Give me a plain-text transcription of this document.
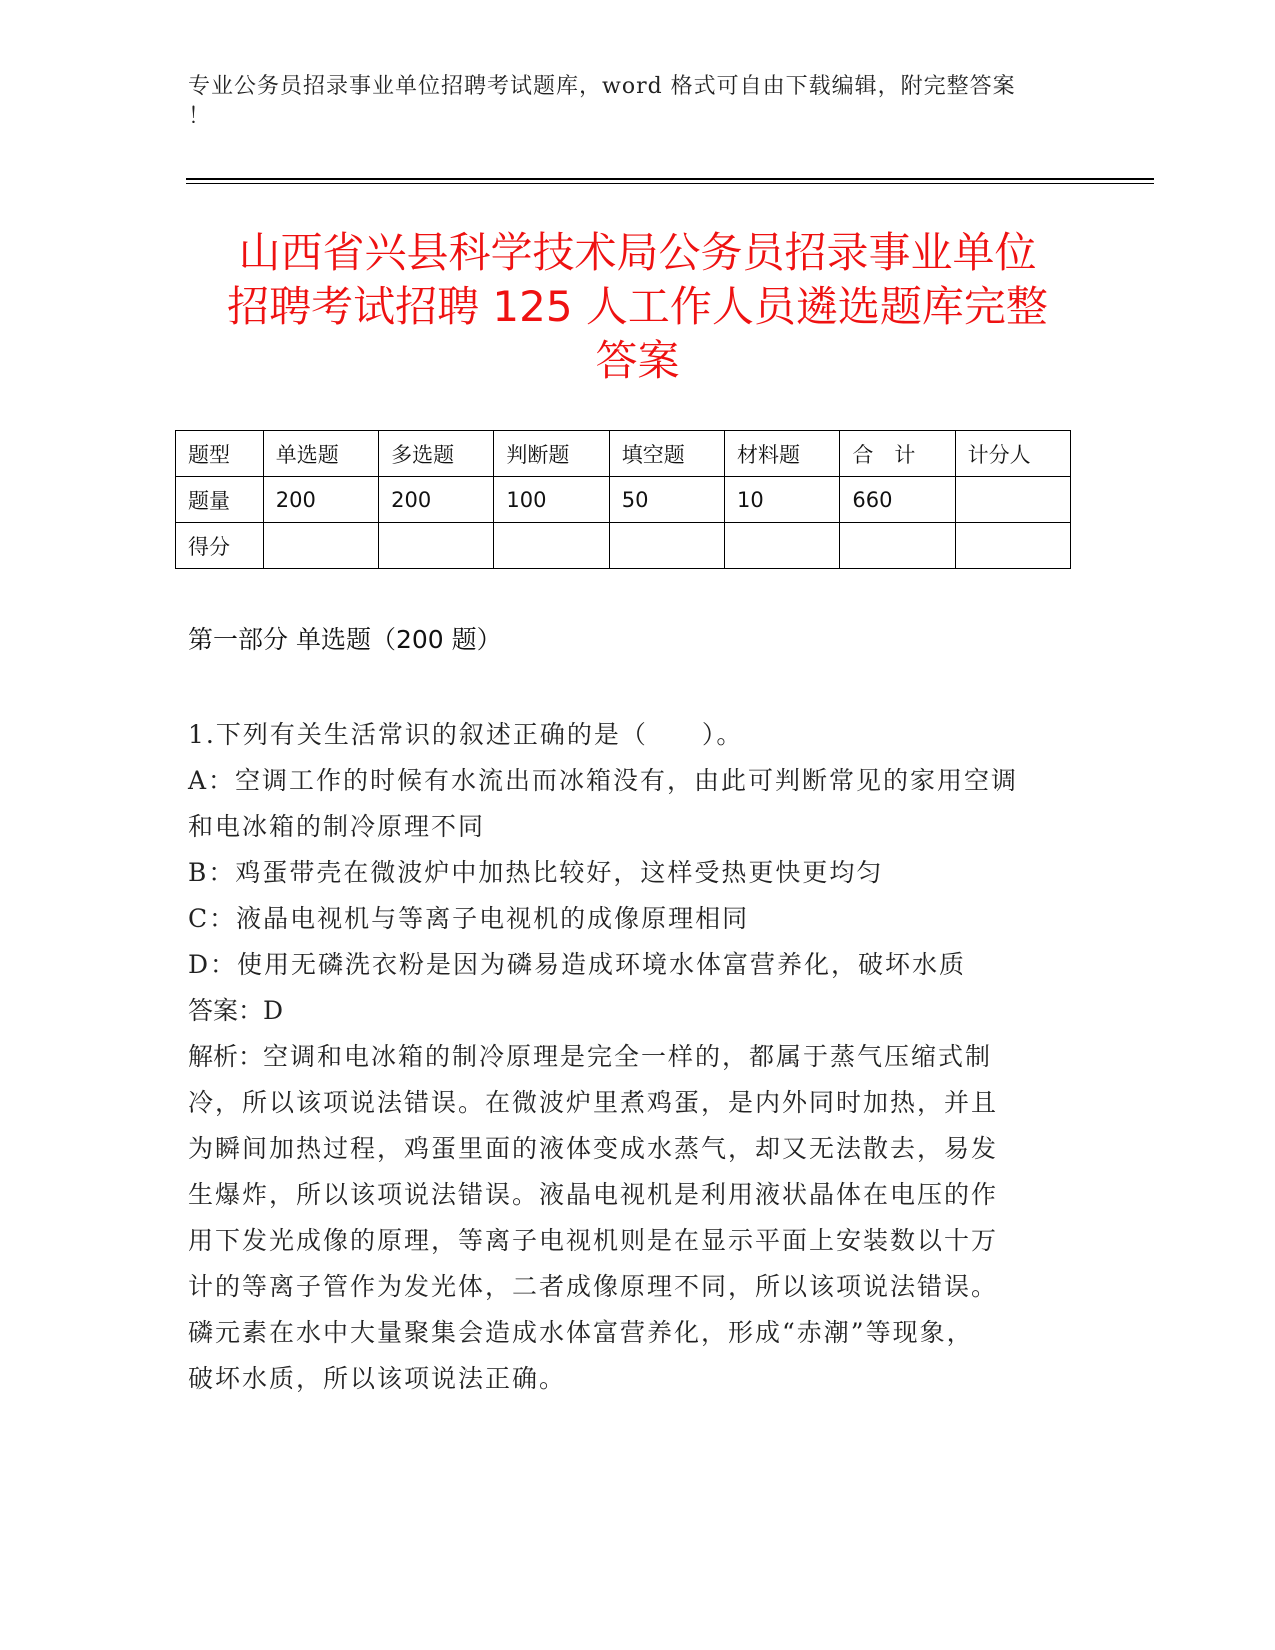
专业公务员招录事业单位招聘考试题库，word 格式可自由下载编辑，附完整答案
！
山西省兴县科学技术局公务员招录事业单位
招聘考试招聘 125 人工作人员遴选题库完整
答案
题型	单选题	多选题	判断题	填空题	材料题	合　计	计分人
题量	200	200	100	50	10	660	
得分							
第一部分 单选题（200 题）

1.下列有关生活常识的叙述正确的是（　　）。

A：空调工作的时候有水流出而冰箱没有，由此可判断常见的家用空调

和电冰箱的制冷原理不同

B：鸡蛋带壳在微波炉中加热比较好，这样受热更快更均匀

C：液晶电视机与等离子电视机的成像原理相同

D：使用无磷洗衣粉是因为磷易造成环境水体富营养化，破坏水质

答案：D

解析：空调和电冰箱的制冷原理是完全一样的，都属于蒸气压缩式制

冷，所以该项说法错误。在微波炉里煮鸡蛋，是内外同时加热，并且

为瞬间加热过程，鸡蛋里面的液体变成水蒸气，却又无法散去，易发

生爆炸，所以该项说法错误。液晶电视机是利用液状晶体在电压的作

用下发光成像的原理，等离子电视机则是在显示平面上安装数以十万

计的等离子管作为发光体，二者成像原理不同，所以该项说法错误。

磷元素在水中大量聚集会造成水体富营养化，形成“赤潮”等现象，

破坏水质，所以该项说法正确。
